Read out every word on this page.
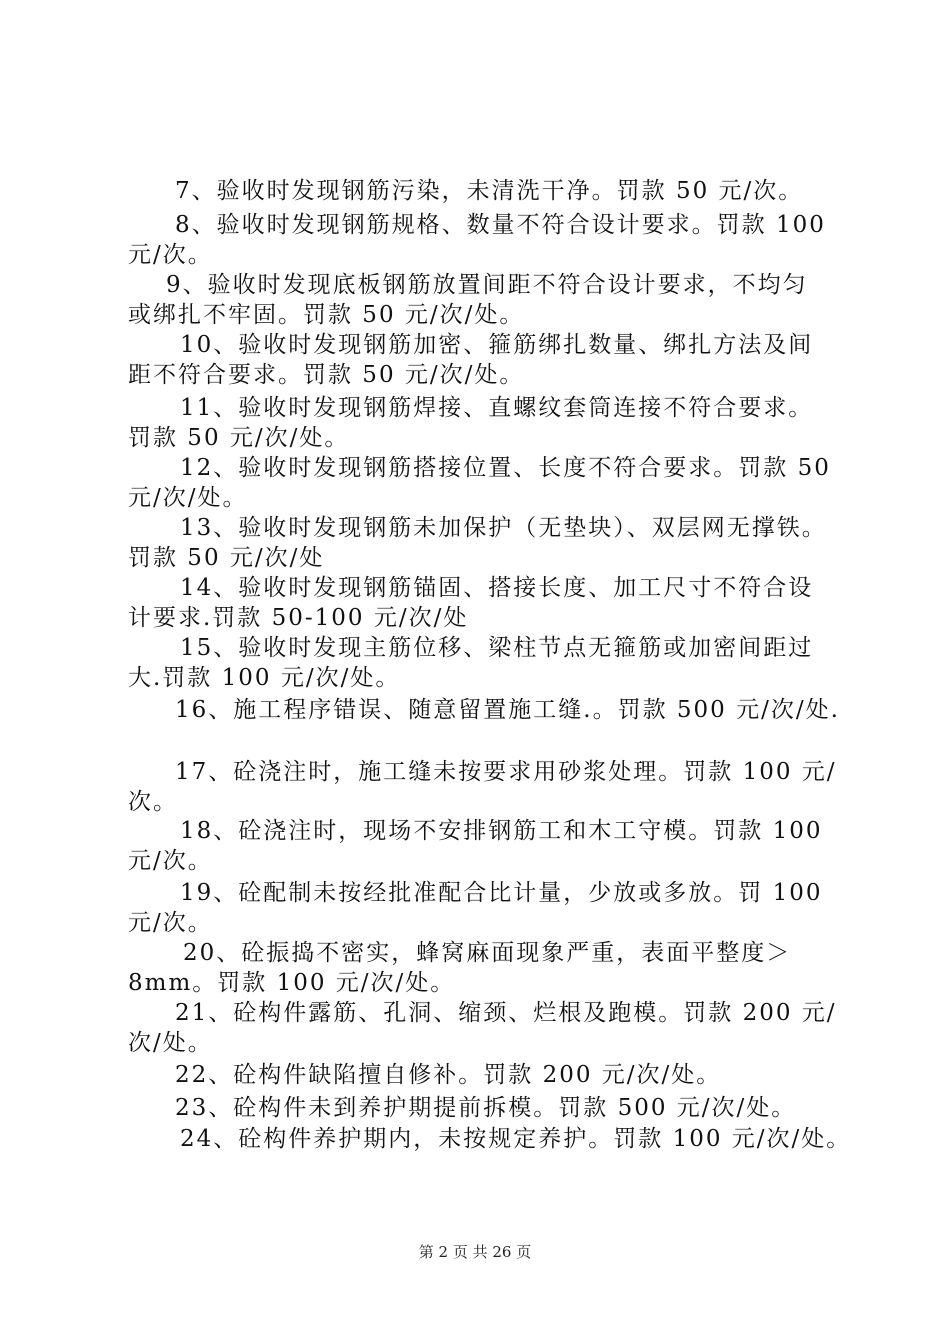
7、验收时发现钢筋污染，未清洗干净。罚款 50 元/次。
8、验收时发现钢筋规格、数量不符合设计要求。罚款 100
元/次。
9、验收时发现底板钢筋放置间距不符合设计要求，不均匀
或绑扎不牢固。罚款 50 元/次/处。
10、验收时发现钢筋加密、箍筋绑扎数量、绑扎方法及间
距不符合要求。罚款 50 元/次/处。
11、验收时发现钢筋焊接、直螺纹套筒连接不符合要求。
罚款 50 元/次/处。
12、验收时发现钢筋搭接位置、长度不符合要求。罚款 50
元/次/处。
13、验收时发现钢筋未加保护（无垫块）、双层网无撑铁。
罚款 50 元/次/处
14、验收时发现钢筋锚固、搭接长度、加工尺寸不符合设
计要求.罚款 50-100 元/次/处
15、验收时发现主筋位移、梁柱节点无箍筋或加密间距过
大.罚款 100 元/次/处。
16、施工程序错误、随意留置施工缝.。罚款 500 元/次/处.
17、砼浇注时，施工缝未按要求用砂浆处理。罚款 100 元/
次。
18、砼浇注时，现场不安排钢筋工和木工守模。罚款 100
元/次。
19、砼配制未按经批准配合比计量，少放或多放。罚 100
元/次。
20、砼振捣不密实，蜂窝麻面现象严重，表面平整度＞
8mm。罚款 100 元/次/处。
21、砼构件露筋、孔洞、缩颈、烂根及跑模。罚款 200 元/
次/处。
22、砼构件缺陷擅自修补。罚款 200 元/次/处。
23、砼构件未到养护期提前拆模。罚款 500 元/次/处。
24、砼构件养护期内，未按规定养护。罚款 100 元/次/处。
第 2 页 共 26 页
